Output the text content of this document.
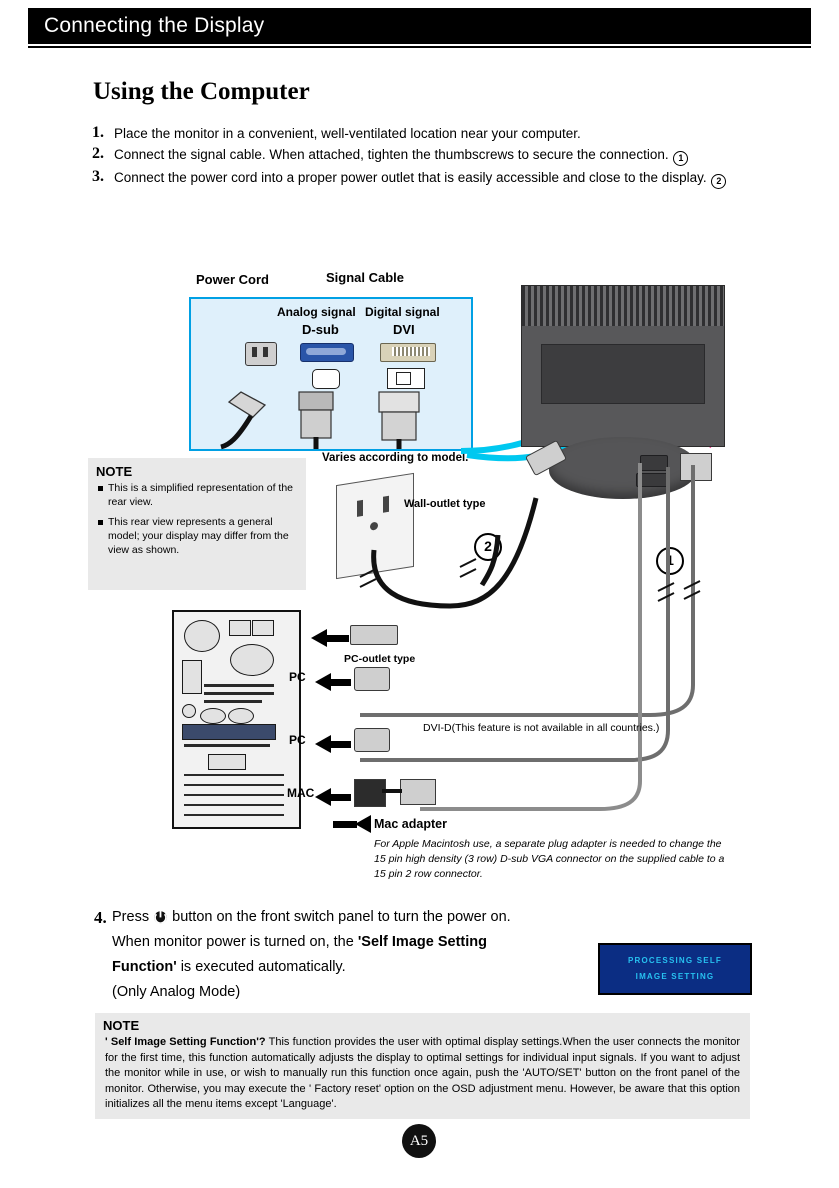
Connecting the Display
Using the Computer
1. Place the monitor in a convenient, well-ventilated location near your computer.
2. Connect the signal cable. When attached, tighten the thumbscrews to secure the connection. 1
3. Connect the power cord into a proper power outlet that is easily accessible and close to the display. 2
Power Cord	Signal Cable
Analog signal Digital signal
D-sub	DVI
Varies according to model.
Wall-outlet type
2
1
PC-outlet type
PC
PC
DVI-D(This feature is not available in all countries.)
MAC
Mac adapter
For Apple Macintosh use, a separate plug adapter is needed to change the 15 pin high density (3 row) D-sub VGA connector on the supplied cable to a 15 pin 2 row connector.
NOTE
This is a simplified representation of the rear view.
This rear view represents a general model; your display may differ from the view as shown.
4. Press button on the front switch panel to turn the power on.
When monitor power is turned on, the 'Self Image Setting
Function' is executed automatically.
(Only Analog Mode)
PROCESSING SELF
IMAGE SETTING
NOTE

' Self Image Setting Function'? This function provides the user with optimal display settings.When the user connects the monitor for the first time, this function automatically adjusts the display to optimal settings for individual input signals. If you want to adjust the monitor while in use, or wish to manually run this function once again, push the 'AUTO/SET' button on the front panel of the monitor. Otherwise, you may execute the ' Factory reset' option on the OSD adjustment menu. However, be aware that this option initializes all the menu items except 'Language'.

A5
